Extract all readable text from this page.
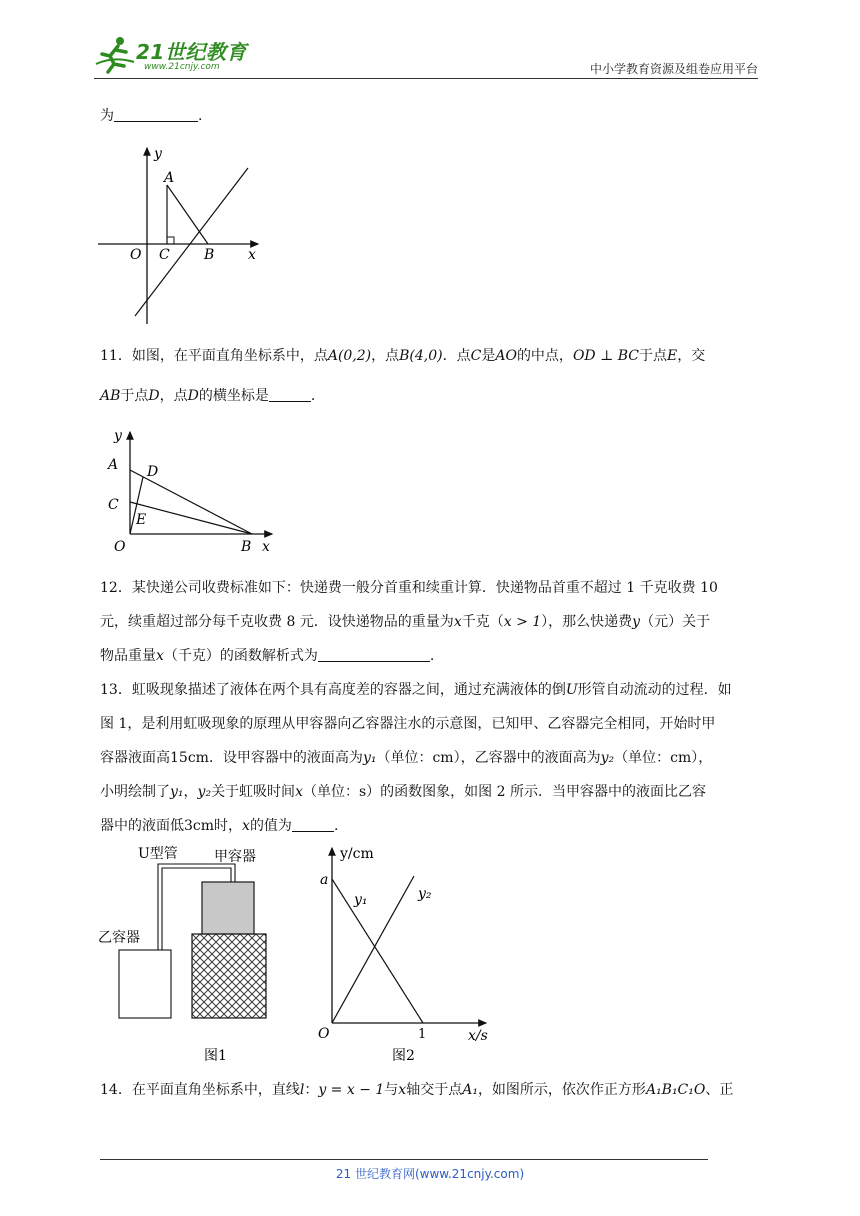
21世纪教育
www.21cnjy.com	中小学教育资源及组卷应用平台
为	.
y
A
O C B x
11．如图，在平面直角坐标系中，点A(0,2)，点B(4,0)．点C是AO的中点，OD ⊥ BC于点E，交
AB于点D，点D的横坐标是	.
y
A D
C
E
O	B x
12．某快递公司收费标准如下：快递费一般分首重和续重计算．快递物品首重不超过 1 千克收费 10
元，续重超过部分每千克收费 8 元．设快递物品的重量为x千克（x > 1），那么快递费y（元）关于
物品重量x（千克）的函数解析式为	.
13．虹吸现象描述了液体在两个具有高度差的容器之间，通过充满液体的倒U形管自动流动的过程．如
图 1，是利用虹吸现象的原理从甲容器向乙容器注水的示意图，已知甲、乙容器完全相同，开始时甲
容器液面高15cm．设甲容器中的液面高为y₁（单位：cm），乙容器中的液面高为y₂（单位：cm），
小明绘制了y₁，y₂关于虹吸时间x（单位：s）的函数图象，如图 2 所示．当甲容器中的液面比乙容
器中的液面低3cm时，x的值为	.
U型管	甲容器
乙容器
图1
y/cm
a
y₁	y₂
O	1	x/s
图2
14．在平面直角坐标系中，直线l：y = x − 1与x轴交于点A₁，如图所示，依次作正方形A₁B₁C₁O、正
21 世纪教育网(www.21cnjy.com)
